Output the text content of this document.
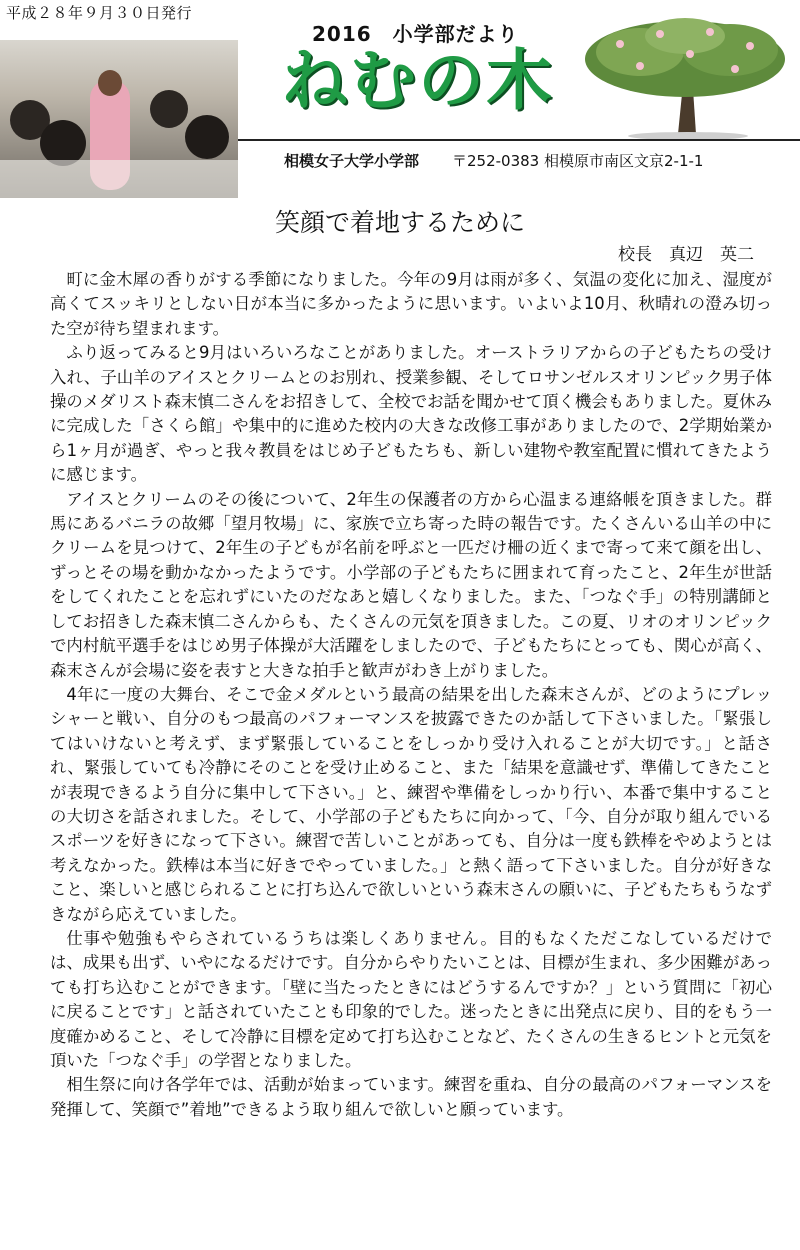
平成２８年９月３０日発行
2016　小学部だより
ねむの木
相模女子大学小学部 〒252-0383 相模原市南区文京2-1-1
笑顔で着地するために
校長　真辺　英二

町に金木犀の香りがする季節になりました。今年の9月は雨が多く、気温の変化に加え、湿度が高くてスッキリとしない日が本当に多かったように思います。いよいよ10月、秋晴れの澄み切った空が待ち望まれます。

ふり返ってみると9月はいろいろなことがありました。オーストラリアからの子どもたちの受け入れ、子山羊のアイスとクリームとのお別れ、授業参観、そしてロサンゼルスオリンピック男子体操のメダリスト森末慎二さんをお招きして、全校でお話を聞かせて頂く機会もありました。夏休みに完成した「さくら館」や集中的に進めた校内の大きな改修工事がありましたので、2学期始業から1ヶ月が過ぎ、やっと我々教員をはじめ子どもたちも、新しい建物や教室配置に慣れてきたように感じます。

アイスとクリームのその後について、2年生の保護者の方から心温まる連絡帳を頂きました。群馬にあるバニラの故郷「望月牧場」に、家族で立ち寄った時の報告です。たくさんいる山羊の中にクリームを見つけて、2年生の子どもが名前を呼ぶと一匹だけ柵の近くまで寄って来て顔を出し、ずっとその場を動かなかったようです。小学部の子どもたちに囲まれて育ったこと、2年生が世話をしてくれたことを忘れずにいたのだなあと嬉しくなりました。また、「つなぐ手」の特別講師としてお招きした森末慎二さんからも、たくさんの元気を頂きました。この夏、リオのオリンピックで内村航平選手をはじめ男子体操が大活躍をしましたので、子どもたちにとっても、関心が高く、森末さんが会場に姿を表すと大きな拍手と歓声がわき上がりました。

4年に一度の大舞台、そこで金メダルという最高の結果を出した森末さんが、どのようにプレッシャーと戦い、自分のもつ最高のパフォーマンスを披露できたのか話して下さいました。「緊張してはいけないと考えず、まず緊張していることをしっかり受け入れることが大切です。」と話され、緊張していても冷静にそのことを受け止めること、また「結果を意識せず、準備してきたことが表現できるよう自分に集中して下さい。」と、練習や準備をしっかり行い、本番で集中することの大切さを話されました。そして、小学部の子どもたちに向かって、「今、自分が取り組んでいるスポーツを好きになって下さい。練習で苦しいことがあっても、自分は一度も鉄棒をやめようとは考えなかった。鉄棒は本当に好きでやっていました。」と熱く語って下さいました。自分が好きなこと、楽しいと感じられることに打ち込んで欲しいという森末さんの願いに、子どもたちもうなずきながら応えていました。

仕事や勉強もやらされているうちは楽しくありません。目的もなくただこなしているだけでは、成果も出ず、いやになるだけです。自分からやりたいことは、目標が生まれ、多少困難があっても打ち込むことができます。「壁に当たったときにはどうするんですか？」という質問に「初心に戻ることです」と話されていたことも印象的でした。迷ったときに出発点に戻り、目的をもう一度確かめること、そして冷静に目標を定めて打ち込むことなど、たくさんの生きるヒントと元気を頂いた「つなぐ手」の学習となりました。

相生祭に向け各学年では、活動が始まっています。練習を重ね、自分の最高のパフォーマンスを発揮して、笑顔で”着地”できるよう取り組んで欲しいと願っています。
